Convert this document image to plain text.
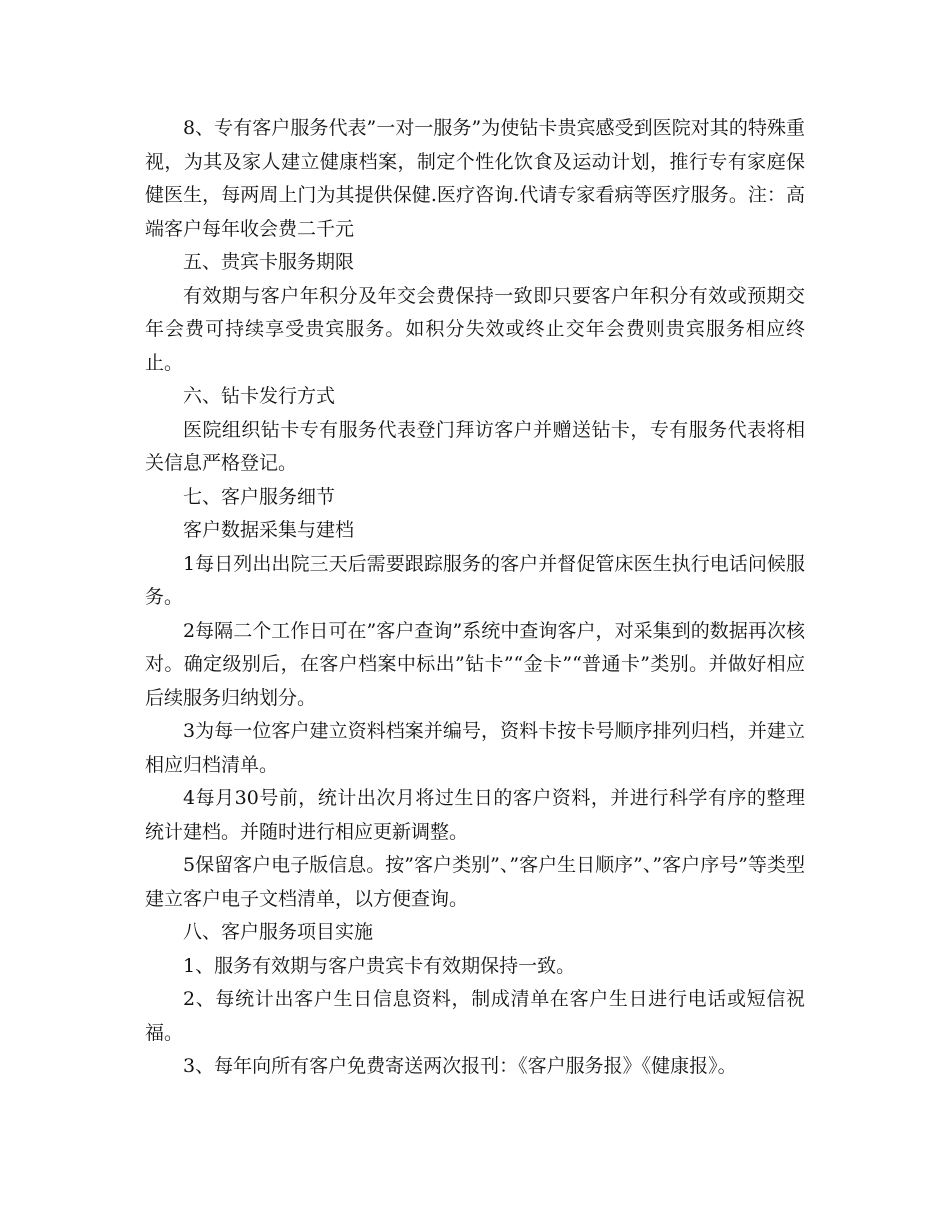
8、专有客户服务代表”一对一服务”为使钻卡贵宾感受到医院对其的特殊重视，为其及家人建立健康档案，制定个性化饮食及运动计划，推行专有家庭保健医生，每两周上门为其提供保健.医疗咨询.代请专家看病等医疗服务。注：高端客户每年收会费二千元

五、贵宾卡服务期限

有效期与客户年积分及年交会费保持一致即只要客户年积分有效或预期交年会费可持续享受贵宾服务。如积分失效或终止交年会费则贵宾服务相应终止。

六、钻卡发行方式

医院组织钻卡专有服务代表登门拜访客户并赠送钻卡，专有服务代表将相关信息严格登记。

七、客户服务细节

客户数据采集与建档

1每日列出出院三天后需要跟踪服务的客户并督促管床医生执行电话问候服务。

2每隔二个工作日可在”客户查询”系统中查询客户，对采集到的数据再次核对。确定级别后，在客户档案中标出”钻卡”“金卡”“普通卡”类别。并做好相应后续服务归纳划分。

3为每一位客户建立资料档案并编号，资料卡按卡号顺序排列归档，并建立相应归档清单。

4每月30号前，统计出次月将过生日的客户资料，并进行科学有序的整理统计建档。并随时进行相应更新调整。

5保留客户电子版信息。按”客户类别”、”客户生日顺序”、”客户序号”等类型建立客户电子文档清单，以方便查询。

八、客户服务项目实施

1、服务有效期与客户贵宾卡有效期保持一致。

2、每统计出客户生日信息资料，制成清单在客户生日进行电话或短信祝福。

3、每年向所有客户免费寄送两次报刊：《客户服务报》《健康报》。
